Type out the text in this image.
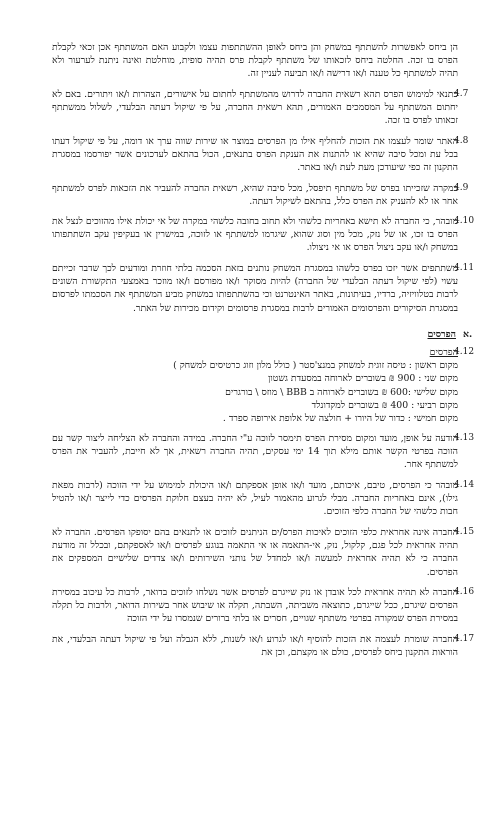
הן ביחס לאפשרות להשתתף במשחק והן ביחס לאופן ההשתתפות עצמו ולקבוע האם המשתתף אכן זכאי לקבלת הפרס בו זכה. החלטה ביחס לזכאותו של משתתף לקבלת פרס תהיה סופית, מוחלטת ואינה ניתנת לערעור ולא תהיה למשתתף כל טענה ו/או דרישה ו/או תביעה לעניין זה.
4.7
כתנאי למימוש הפרס תהא רשאית החברה לדרוש מהמשתתף לחתום על אישורים, הצהרות ו/או ויתורים. באם לא יחתום המשתתף על המסמכים האמורים, תהא רשאית החברה, על פי שיקול דעתה הבלעדי, לשלול ממשתתף זכאותו לפרס בו זכה.
4.8
האתר שומר לעצמו את הזכות להחליף אילו מן הפרסים במוצר או שירות שווה ערך או דומה, על פי שיקול דעתו בכל עת ומכל סיבה שהיא או להתנות את הענקת הפרס בתנאים, הכול בהתאם לעדכונים אשר יפורסמו במסגרת התקנון זה כפי שיעודכן מעת לעת ו/או באתר.
4.9
במקרה שזכייתו בפרס של משתתף תיפסל, מכל סיבה שהיא, רשאית החברה להעביר את הזכאות לפרס למשתתף אחר או לא להעניק את הפרס כלל, בהתאם לשיקול דעתה.
4.10
מובהר, כי החברה לא תישא באחריות כלשהי ולא תחוב בחובה כלשהי במקרה של אי יכולת אילו מהזוכים לנצל את הפרס בו זכו, או של נזק, מכל מין וסוג שהוא, שיגרמו למשתתף או לזוכה, במישרין או בעקיפין עקב השתתפותו במשחק ו/או עקב ניצול הפרס או אי ניצולו.
4.11
משתתפים אשר יזכו בפרס כלשהו במסגרת המשחק נותנים בזאת הסכמה בלתי חוזרת ומודעים לכך שדבר זכייתם עשוי (לפי שיקול דעתה הבלעדי של החברה) להיות מסוקר ו/או מפורסם ו/או מוזכר באמצעי התקשורת השונים לרבות בטלוויזיה, ברדיו, בעיתונות, באתר האינטרנט וכי בהשתתפותו במשחק מביע המשתתף את הסכמתו לפרסום במסגרת הסיקורים והפרסומים האמורים לרבות במסגרת פרסומים וקידום מכירות של האתר.
א.
הפרסים
4.12
הפרסים
מקום ראשון : טיסה זוגית למשחק במנצ'סטר ( כולל מלון וזוג כרטיסים למשחק )
מקום שני : 900 ₪ בשוברים לארוחה במסעדת גשטון
מקום שלישי :600 ₪ בשוברים לארוחה ב BBB \ מוזס \ בורגרים
מקום רביעי : 400 ₪ בשוברים למקדונלד
מקום חמישי : כדור של היורו + חולצה של אלופת אירופה ספרד .
4.13
הודעה על אופן, מועד ומקום מסירת הפרס תימסר לזוכה ע"י החברה. במידה והחברה לא הצליחה ליצור קשר עם הזוכה בפרטי הקשר אותם מילא תוך 14 ימי עסקים, תהיה החברה רשאית, אך לא חייבת, להעביר את הפרס למשתתף אחר.
4.14
מובהר כי הפרסים, טיבם, איכותם, מועד ו/או אופן אספקתם ו/או היכולת למימוש על ידי הזוכה (לרבות מפאת גילו), אינם באחריות החברה. מבלי לגרוע מהאמור לעיל, לא יהיה בעצם חלוקת הפרסים כדי לייצר ו/או להטיל חבות כלשהי של החברה כלפי הזוכים.
4.15
החברה אינה אחראית כלפי הזוכים לאיכות הפרס/ים הניתנים לזוכים או לתנאים בהם יסופקו הפרסים. החברה לא תהיה אחראית לכל פגם, קלקול, נזק, אי-התאמה או אי התאמה בנוגע לפרסים ו/או לאספקתם, ובכלל זה מודעת החברה כי לא תהיה אחראית למעשה ו/או למחדל של נותני השירותים ו/או צדדים שלישיים המספקים את הפרסים.
4.16
החברה לא תהיה אחראית לכל אובדן או נזק שייגרם לפרסים אשר נשלחו לזוכים בדואר, לרבות כל עיכוב במסירת הפרסים שיגרם, ככל שייגרם, כתוצאה משביתה, השבתה, תקלה או שיבוש אחר בשירות הדואר, ולרבות כל תקלה במסירת הפרס שמקורה בפרטי משתתף שגויים, חסרים או בלתי ברורים שנמסרו על ידי הזוכה
4.17
החברה שומרת לעצמה את הזכות להוסיף ו/או לגרוע ו/או לשנות, ללא הגבלה ועל פי שיקול דעתה הבלעדי, את הוראות התקנון ביחס לפרסים, כולם או מקצתם, וכן את
